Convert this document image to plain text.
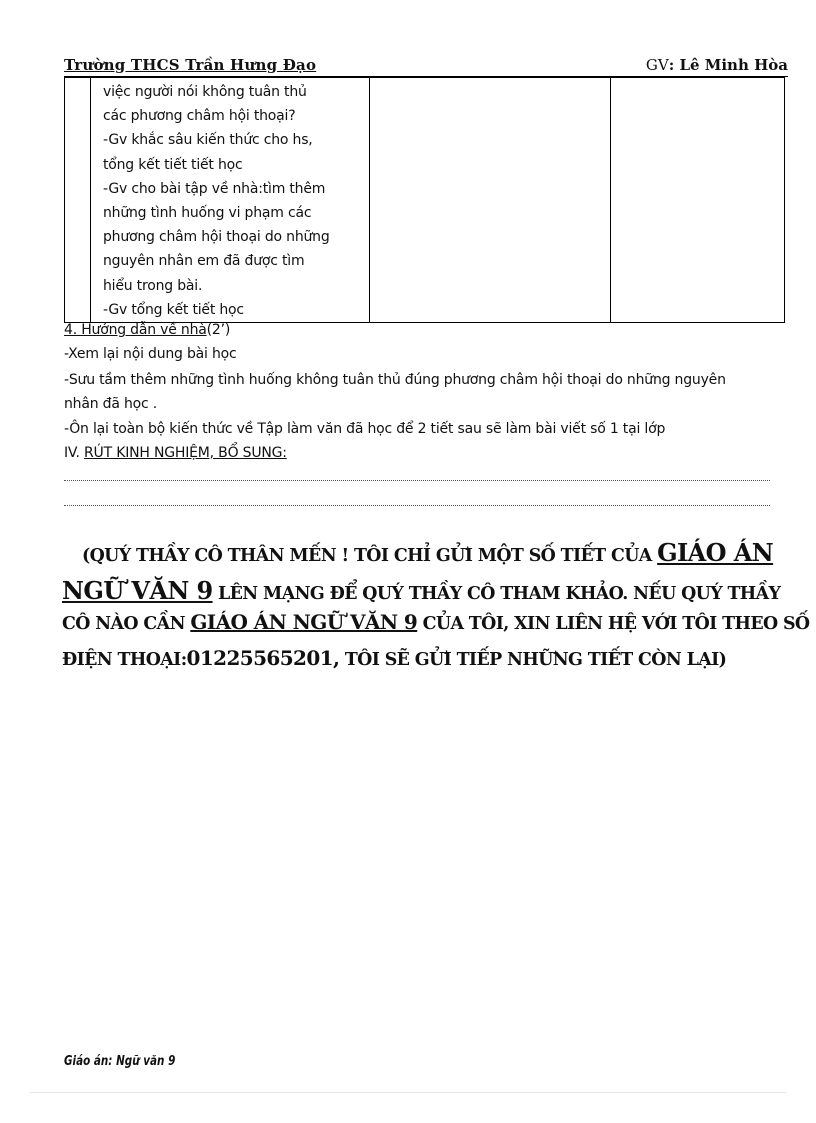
Trường THCS Trần Hưng Đạo	GV: Lê Minh Hòa

việc người nói không tuân thủ
các phương châm hội thoại?
-Gv khắc sâu kiến thức cho hs,
tổng kết tiết tiết học
-Gv cho bài tập về nhà:tìm thêm
những tình huống vi phạm các
phương châm hội thoại do những
nguyên nhân em đã được tìm
hiểu trong bài.
-Gv tổng kết tiết học

4. Hướng dẫn về nhà(2’)
-Xem lại nội dung bài học
-Sưu tầm thêm những tình huống không tuân thủ đúng phương châm hội thoại do những nguyên
nhân đã học .
-Ôn lại toàn bộ kiến thức về Tập làm văn đã học để 2 tiết sau sẽ làm bài viết số 1 tại lớp
IV. RÚT KINH NGHIỆM, BỔ SUNG:
(QUÝ THẦY CÔ THÂN MẾN ! TÔI CHỈ GỬI MỘT SỐ TIẾT CỦA GIÁO ÁN
NGỮ VĂN 9 LÊN MẠNG ĐỂ QUÝ THẦY CÔ THAM KHẢO. NẾU QUÝ THẦY
CÔ NÀO CẦN GIÁO ÁN NGỮ VĂN 9 CỦA TÔI, XIN LIÊN HỆ VỚI TÔI THEO SỐ
ĐIỆN THOẠI:01225565201, TÔI SẼ GỬI TIẾP NHỮNG TIẾT CÒN LẠI)
Giáo án: Ngữ văn 9
